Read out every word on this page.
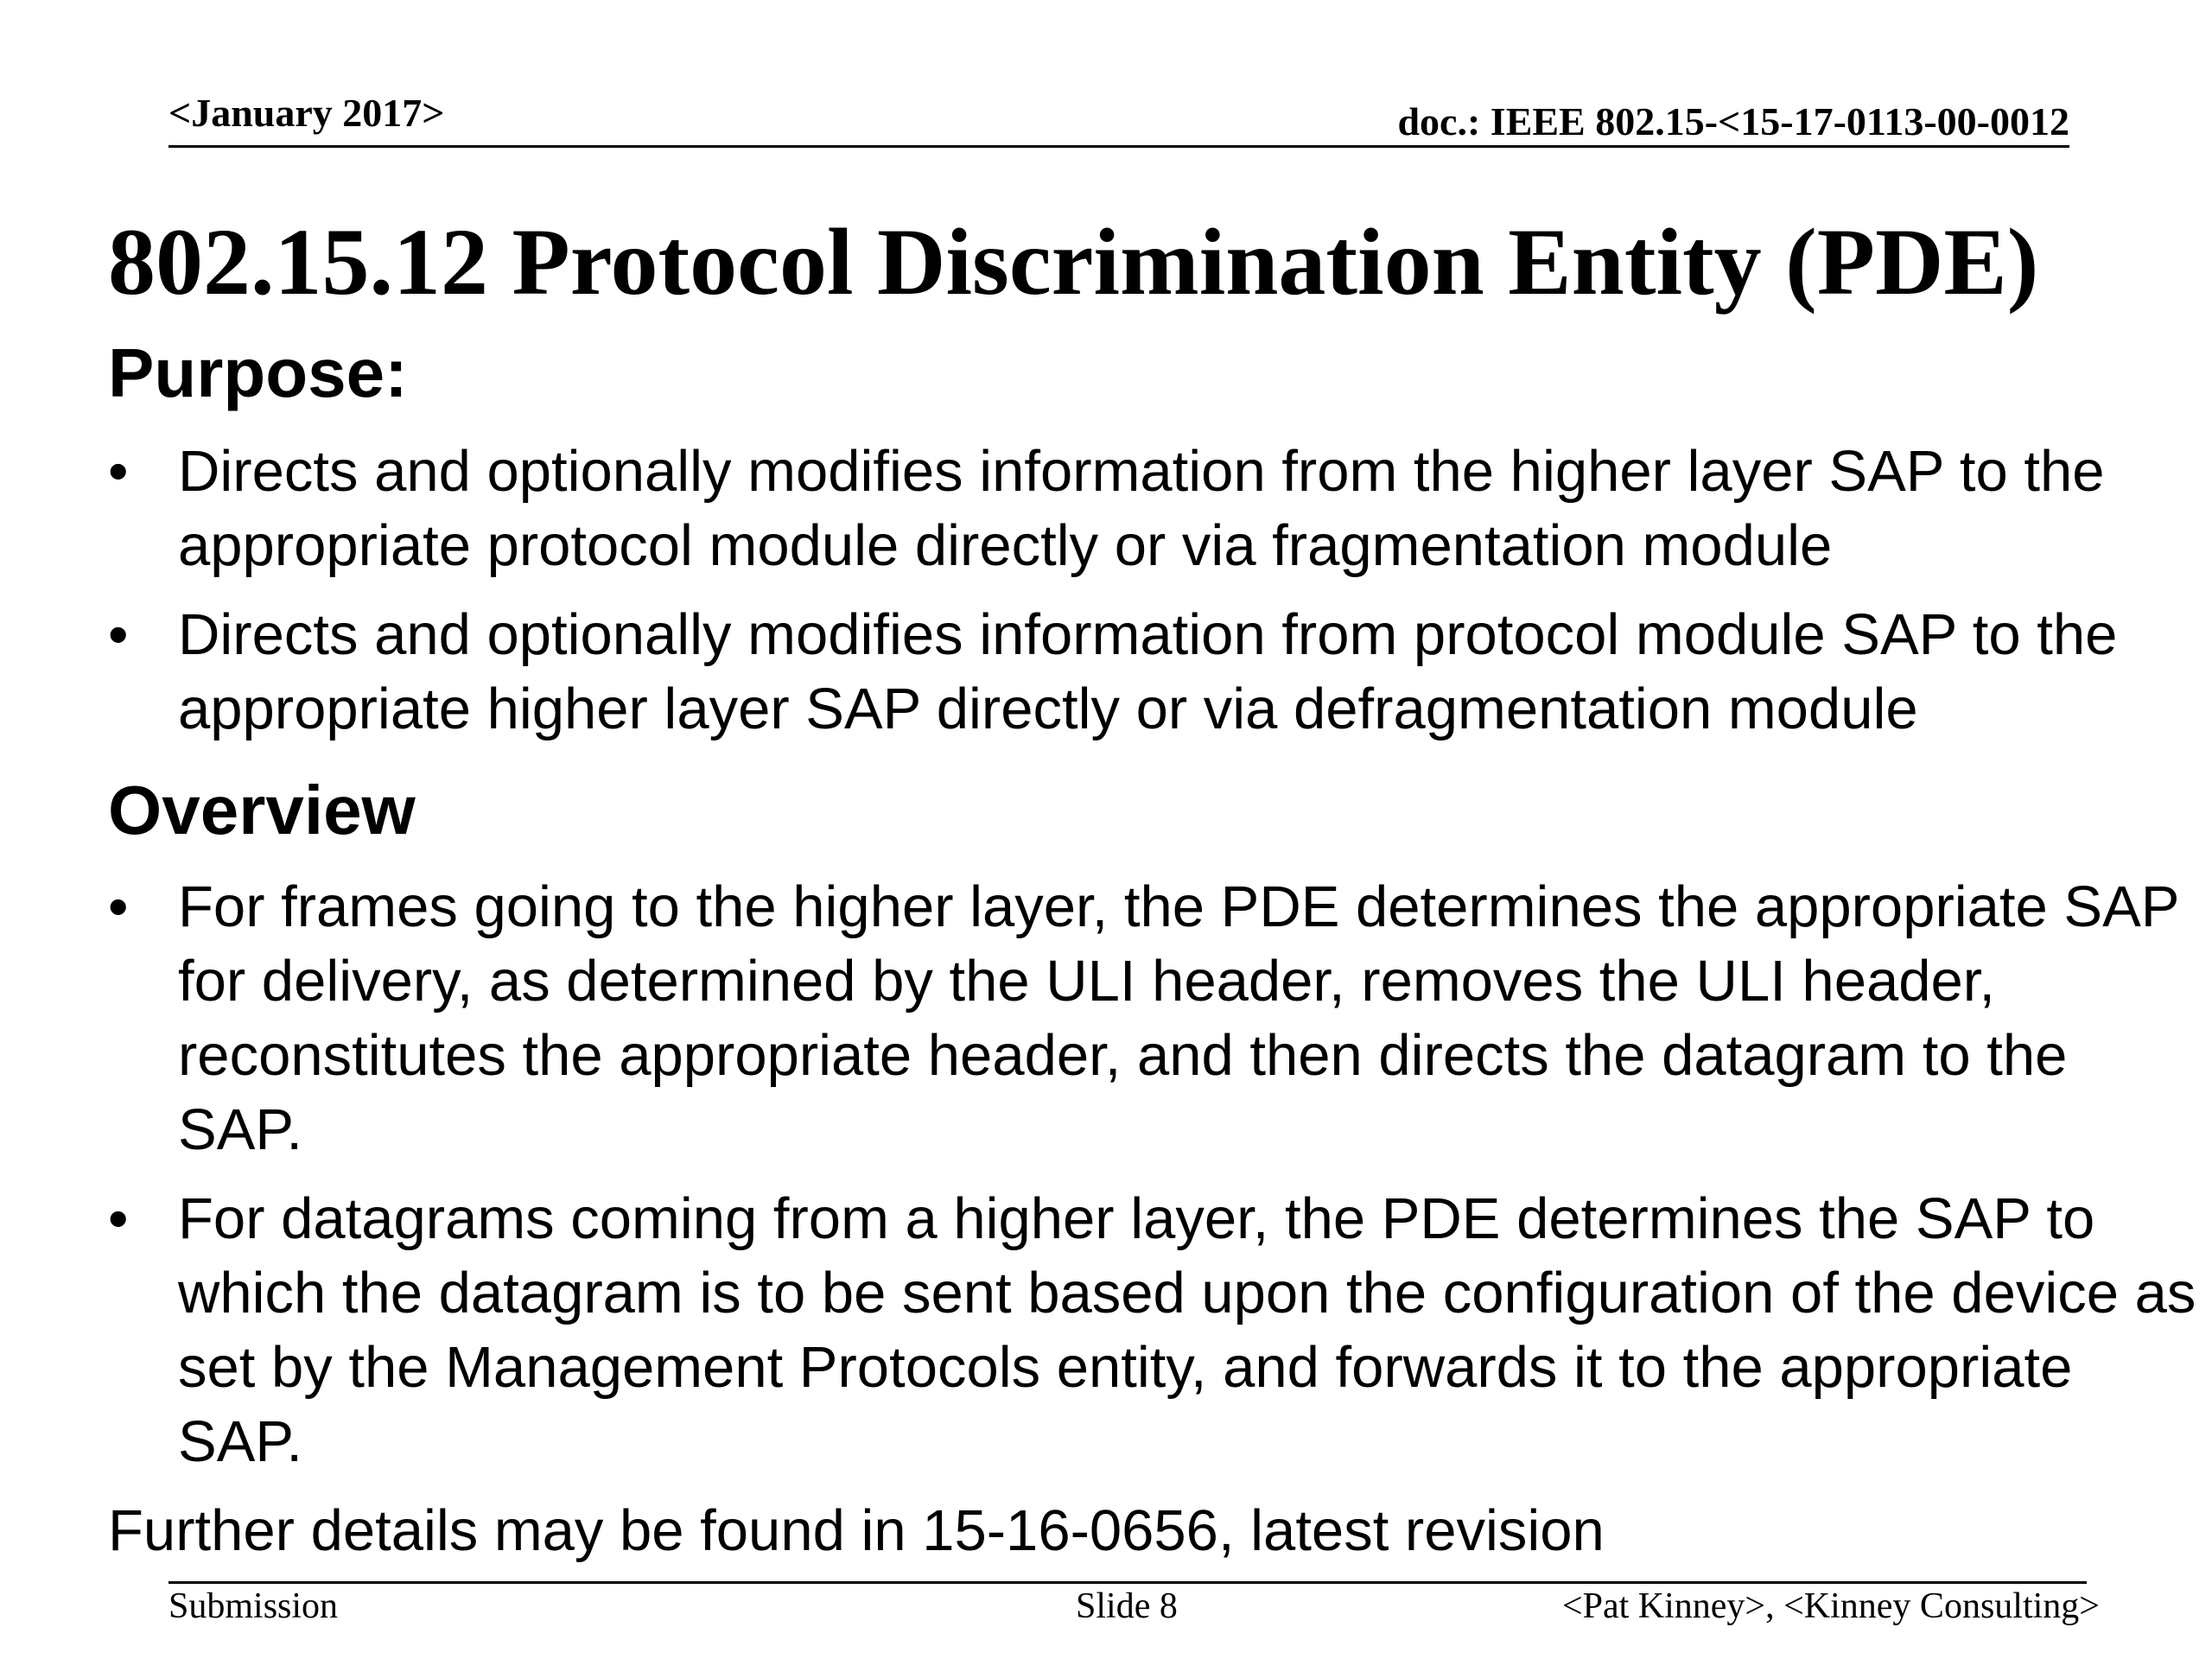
<January 2017>	doc.: IEEE 802.15-<15-17-0113-00-0012
802.15.12 Protocol Discrimination Entity (PDE)
Purpose:
• Directs and optionally modifies information from the higher layer SAP to the appropriate protocol module directly or via fragmentation module
• Directs and optionally modifies information from protocol module SAP to the appropriate higher layer SAP directly or via defragmentation module
Overview
• For frames going to the higher layer, the PDE determines the appropriate SAP for delivery, as determined by the ULI header, removes the ULI header, reconstitutes the appropriate header, and then directs the datagram to the SAP.
• For datagrams coming from a higher layer, the PDE determines the SAP to which the datagram is to be sent based upon the configuration of the device as set by the Management Protocols entity, and forwards it to the appropriate SAP.
Further details may be found in 15-16-0656, latest revision
Submission	Slide 8	<Pat Kinney>, <Kinney Consulting>
